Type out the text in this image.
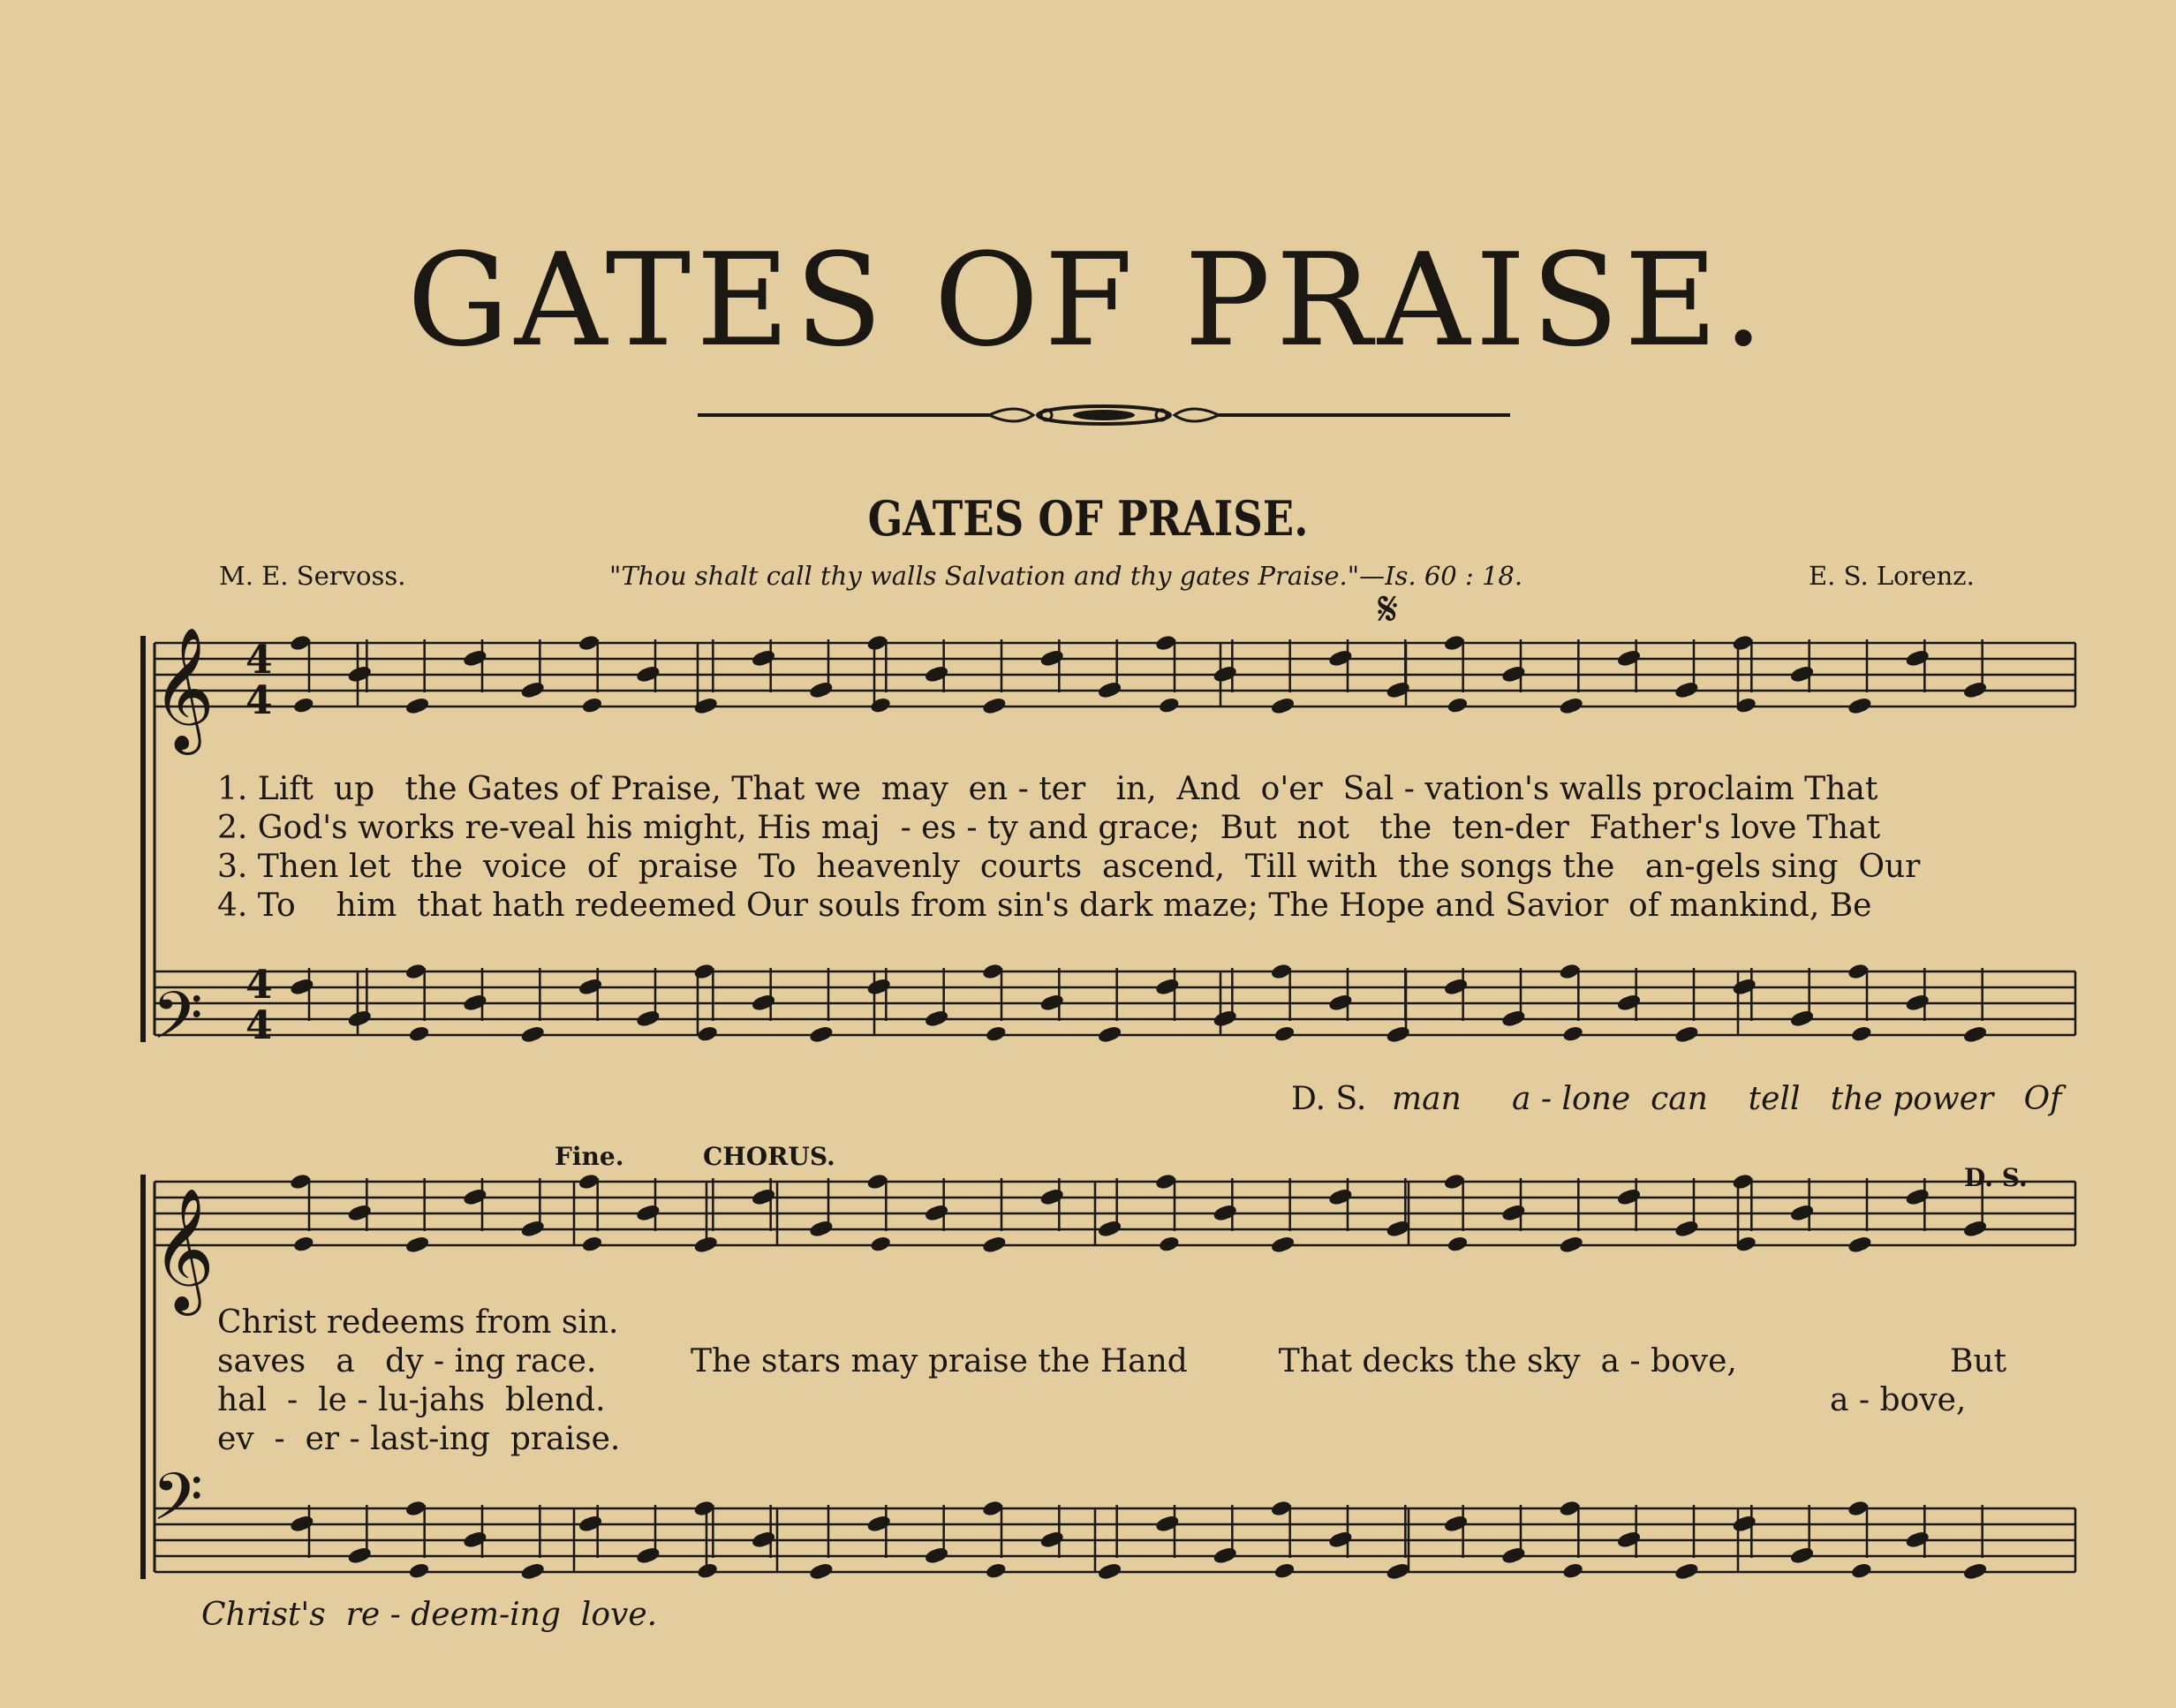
GATES OF PRAISE.
GATES OF PRAISE.
M. E. Servoss.	"Thou shalt call thy walls Salvation and thy gates Praise."—Is. 60 : 18.	E. S. Lorenz.
𝄞
𝄞
𝄢
𝄢
4
4
4
4
𝄋
1. Lift  up   the Gates of Praise, That we  may  en - ter   in,  And  o'er  Sal - vation's walls proclaim That
2. God's works re-veal his might, His maj  - es - ty and grace;  But  not   the  ten-der  Father's love That
3. Then let  the  voice  of  praise  To  heavenly  courts  ascend,  Till with  the songs the   an-gels sing  Our
4. To    him  that hath redeemed Our souls from sin's dark maze; The Hope and Savior  of mankind, Be
D. S. man     a - lone  can    tell   the power   Of
Fine.	CHORUS.
D. S.
Christ redeems from sin.
saves   a   dy - ing race.
hal  -  le - lu-jahs  blend.
ev  -  er - last-ing  praise.
The stars may praise the Hand         That decks the sky  a - bove,	But
a - bove,
Christ's  re - deem-ing  love.
